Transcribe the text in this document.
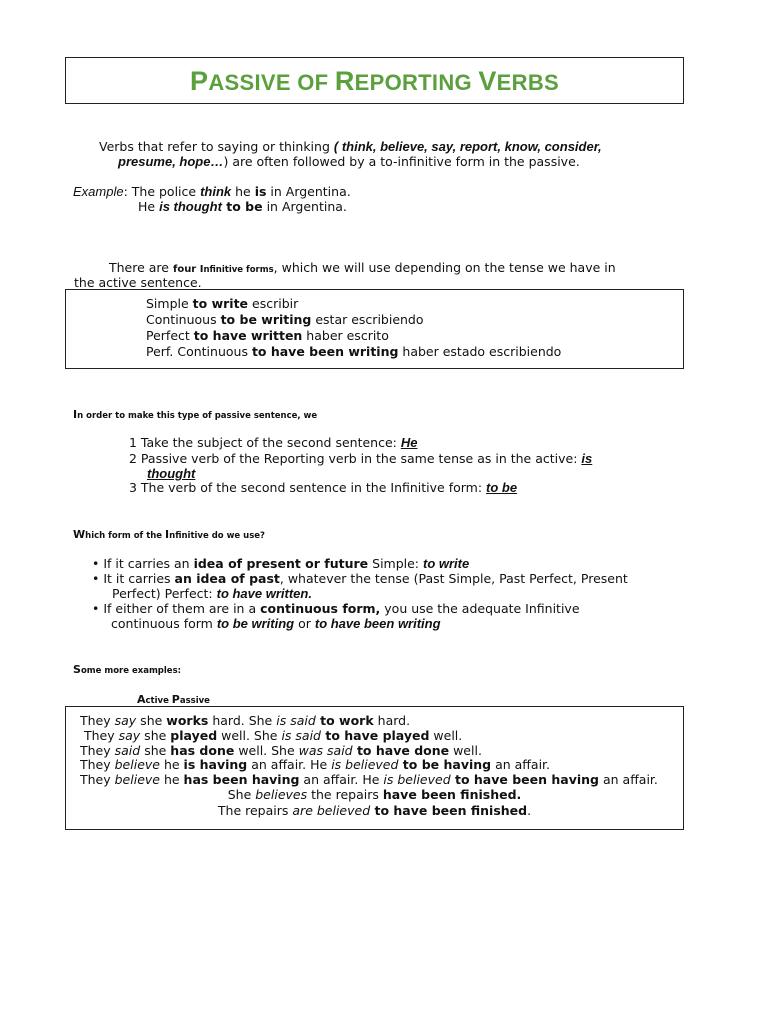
PASSIVE OF REPORTING VERBS
Verbs that refer to saying or thinking ( think, believe, say, report, know, consider,
presume, hope…) are often followed by a to-infinitive form in the passive.
Example: The police think he is in Argentina.
He is thought to be in Argentina.
There are four Infinitive forms, which we will use depending on the tense we have in
the active sentence.
Simple to write escribir
Continuous to be writing estar escribiendo
Perfect to have written haber escrito
Perf. Continuous to have been writing haber estado escribiendo
In order to make this type of passive sentence, we
1 Take the subject of the second sentence: He
2 Passive verb of the Reporting verb in the same tense as in the active: is
thought
3 The verb of the second sentence in the Infinitive form: to be
Which form of the Infinitive do we use?
• If it carries an idea of present or future Simple: to write
• It it carries an idea of past, whatever the tense (Past Simple, Past Perfect, Present
Perfect) Perfect: to have written.
• If either of them are in a continuous form, you use the adequate Infinitive
continuous form to be writing or to have been writing
Some more examples:
Active Passive
They say she works hard. She is said to work hard.
They say she played well. She is said to have played well.
They said she has done well. She was said to have done well.
They believe he is having an affair. He is believed to be having an affair.
They believe he has been having an affair. He is believed to have been having an affair.
She believes the repairs have been finished.
The repairs are believed to have been finished.
